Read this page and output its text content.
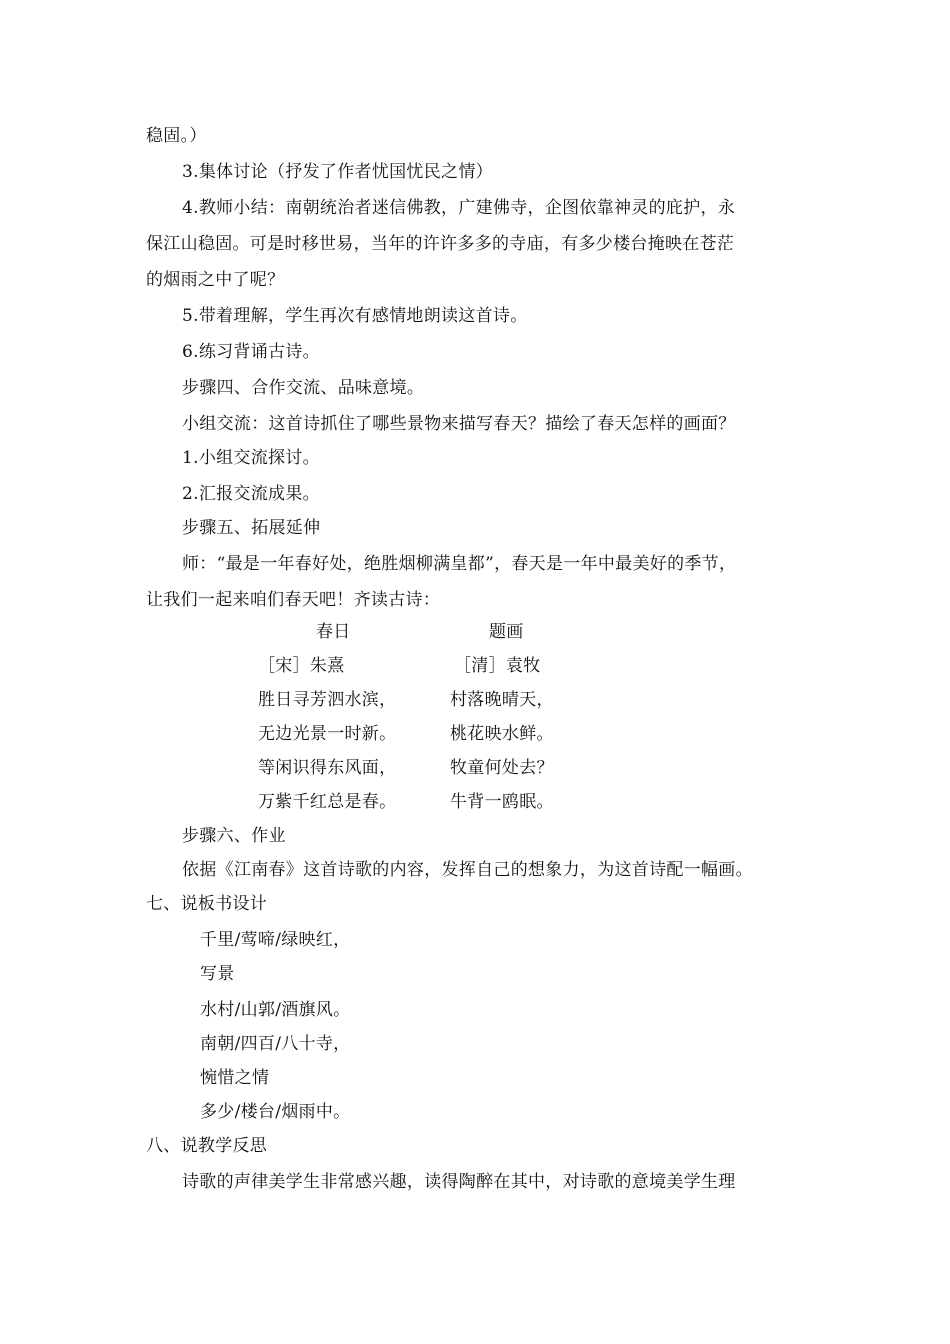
稳固。）
3.集体讨论（抒发了作者忧国忧民之情）
4.教师小结：南朝统治者迷信佛教，广建佛寺，企图依靠神灵的庇护，永
保江山稳固。可是时移世易，当年的许许多多的寺庙，有多少楼台掩映在苍茫
的烟雨之中了呢？
5.带着理解，学生再次有感情地朗读这首诗。
6.练习背诵古诗。
步骤四、合作交流、品味意境。
小组交流：这首诗抓住了哪些景物来描写春天？描绘了春天怎样的画面？
1.小组交流探讨。
2.汇报交流成果。
步骤五、拓展延伸
师：“最是一年春好处，绝胜烟柳满皇都”，春天是一年中最美好的季节，
让我们一起来咱们春天吧！齐读古诗：
春日	题画
［宋］朱熹	［清］袁牧
胜日寻芳泗水滨，	村落晚晴天，
无边光景一时新。	桃花映水鲜。
等闲识得东风面，	牧童何处去？
万紫千红总是春。	牛背一鸥眠。
步骤六、作业
依据《江南春》这首诗歌的内容，发挥自己的想象力，为这首诗配一幅画。
七、说板书设计
千里/莺啼/绿映红，
写景
水村/山郭/酒旗风。
南朝/四百/八十寺，
惋惜之情
多少/楼台/烟雨中。
八、说教学反思
诗歌的声律美学生非常感兴趣，读得陶醉在其中，对诗歌的意境美学生理
